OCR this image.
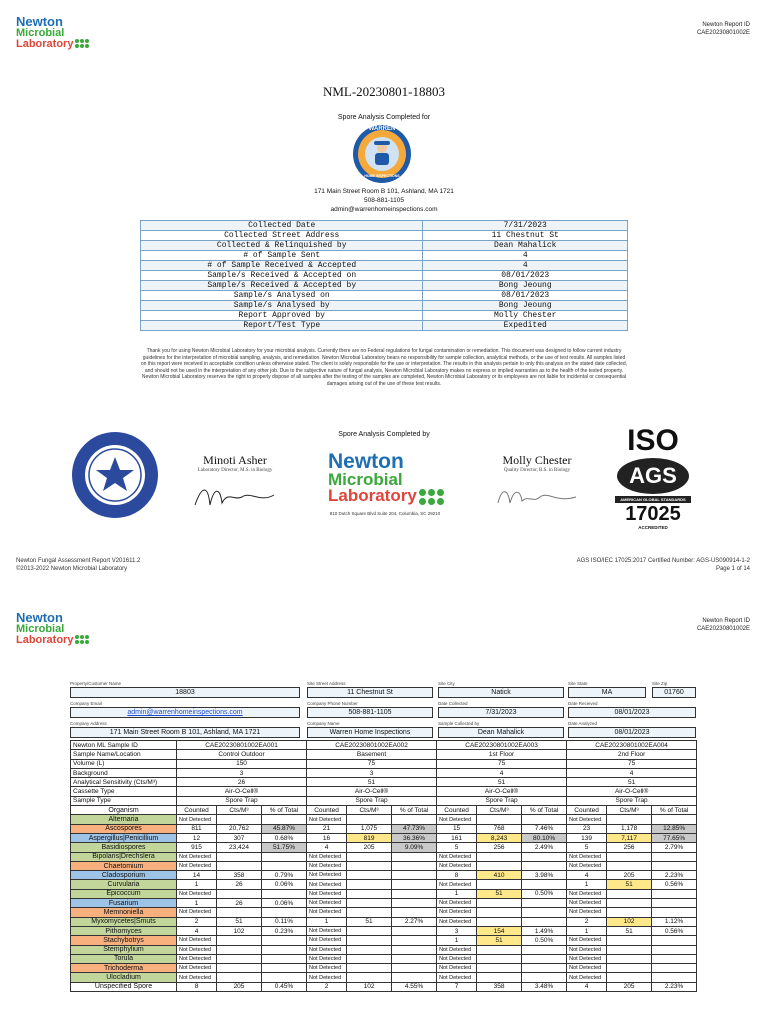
Newton
Microbial
Laboratory
Newton Report ID
CAE20230801002E
NML-20230801-18803
Spore Analysis Completed for
WARREN
HOME INSPECTIONS
171 Main Street Room B 101, Ashland, MA 1721
508-881-1105
admin@warrenhomeinspections.com
Collected Date	7/31/2023
Collected Street Address	11 Chestnut St
Collected & Relinquished by	Dean Mahalick
# of Sample Sent	4
# of Sample Received & Accepted	4
Sample/s Received & Accepted on	08/01/2023
Sample/s Received & Accepted by	Bong Jeoung
Sample/s Analysed on	08/01/2023
Sample/s Analysed by	Bong Jeoung
Report Approved by	Molly Chester
Report/Test Type	Expedited
Thank you for using Newton Microbial Laboratory for your microbial analysis. Currently there are no Federal regulations for fungal contamination or remediation. This document was designed to follow current industry guidelines for the interpretation of microbial sampling, analysis, and remediation. Newton Microbial Laboratory bears no responsibility for sample collection, analytical methods, or the use of test results. All samples listed on this report were received in acceptable condition unless otherwise stated. The client is solely responsible for the use or interpretation. The results in this analysis pertain to only this analysis on the stated date collected, and should not be used in the interpretation of any other job. Due to the subjective nature of fungal analysis, Newton Microbial Laboratory makes no express or implied warranties as to the health of the tested property. Newton Microbial Laboratory reserves the right to properly dispose of all samples after the testing of the samples are completed, Newton Microbial Laboratory or its employees are not liable for incidental or consequential damages arising out of the use of these test results.
Spore Analysis Completed by
Minoti Asher
Laboratory Director, M.S. in Biology	Newton
Microbial
Laboratory
810 Dutch Square Blvd Suite 204, Columbia, SC 29210
Molly Chester
Quality Director, B.S. in Biology
ISO
AGS
AMERICAN GLOBAL STANDARDS
17025
ACCREDITED
Newton Fungal Assessment Report V201611.2
©2013-2022 Newton Microbial Laboratory
AGS ISO/IEC 17025:2017 Certified Number: AGS-US090914-1-2
Page 1 of 14
Newton
Microbial
Laboratory
Newton Report ID
CAE20230801002E
Property/Customer Name
18803
Site Street Address
11 Chestnut St
Site City
Natick
Site State
MA
Site Zip
01760
Company Email
admin@warrenhomeinspections.com
Company Phone Number
508-881-1105
Date Collected
7/31/2023
Date Received
08/01/2023
Company Address
171 Main Street Room B 101, Ashland, MA 1721
Company Name
Warren Home Inspections
Sample Collected by
Dean Mahalick
Date Analyzed
08/01/2023
Newton ML Sample ID	CAE20230801002EA001			CAE20230801002EA002			CAE20230801002EA003			CAE20230801002EA004		
Sample Name/Location	Control Outdoor			Basement			1st Floor			2nd Floor		
Volume (L)	150			75			75			75		
Background	3			3			4			4		
Analytical Sensitivity (Cts/M³)	26			51			51			51		
Cassette Type	Air-O-Cell®			Air-O-Cell®			Air-O-Cell®			Air-O-Cell®		
Sample Type	Spore Trap			Spore Trap			Spore Trap			Spore Trap		
Organism	Counted	Cts/M³	% of Total	Counted	Cts/M³	% of Total	Counted	Cts/M³	% of Total	Counted	Cts/M³	% of Total
Alternaria	Not Detected			Not Detected			Not Detected			Not Detected		
Ascospores	811	20,762	45.87%	21	1,075	47.73%	15	768	7.46%	23	1,178	12.85%
Aspergillus|Penicillium	12	307	0.68%	16	819	36.36%	161	8,243	80.10%	139	7,117	77.65%
Basidiospores	915	23,424	51.75%	4	205	9.09%	5	256	2.49%	5	256	2.79%
Bipolaris|Drechslera	Not Detected			Not Detected			Not Detected			Not Detected		
Chaetomium	Not Detected			Not Detected			Not Detected			Not Detected		
Cladosporium	14	358	0.79%	Not Detected			8	410	3.98%	4	205	2.23%
Curvularia	1	26	0.06%	Not Detected			Not Detected			1	51	0.56%
Epicoccum	Not Detected			Not Detected			1	51	0.50%	Not Detected		
Fusarium	1	26	0.06%	Not Detected			Not Detected			Not Detected		
Memnoniella	Not Detected			Not Detected			Not Detected			Not Detected		
Myxomycetes|Smuts	2	51	0.11%	1	51	2.27%	Not Detected			2	102	1.12%
Pithomyces	4	102	0.23%	Not Detected			3	154	1.49%	1	51	0.56%
Stachybotrys	Not Detected			Not Detected			1	51	0.50%	Not Detected		
Stemphylium	Not Detected			Not Detected			Not Detected			Not Detected		
Torula	Not Detected			Not Detected			Not Detected			Not Detected		
Trichoderma	Not Detected			Not Detected			Not Detected			Not Detected		
Ulocladium	Not Detected			Not Detected			Not Detected			Not Detected		
Unspecified Spore	8	205	0.45%	2	102	4.55%	7	358	3.48%	4	205	2.23%
